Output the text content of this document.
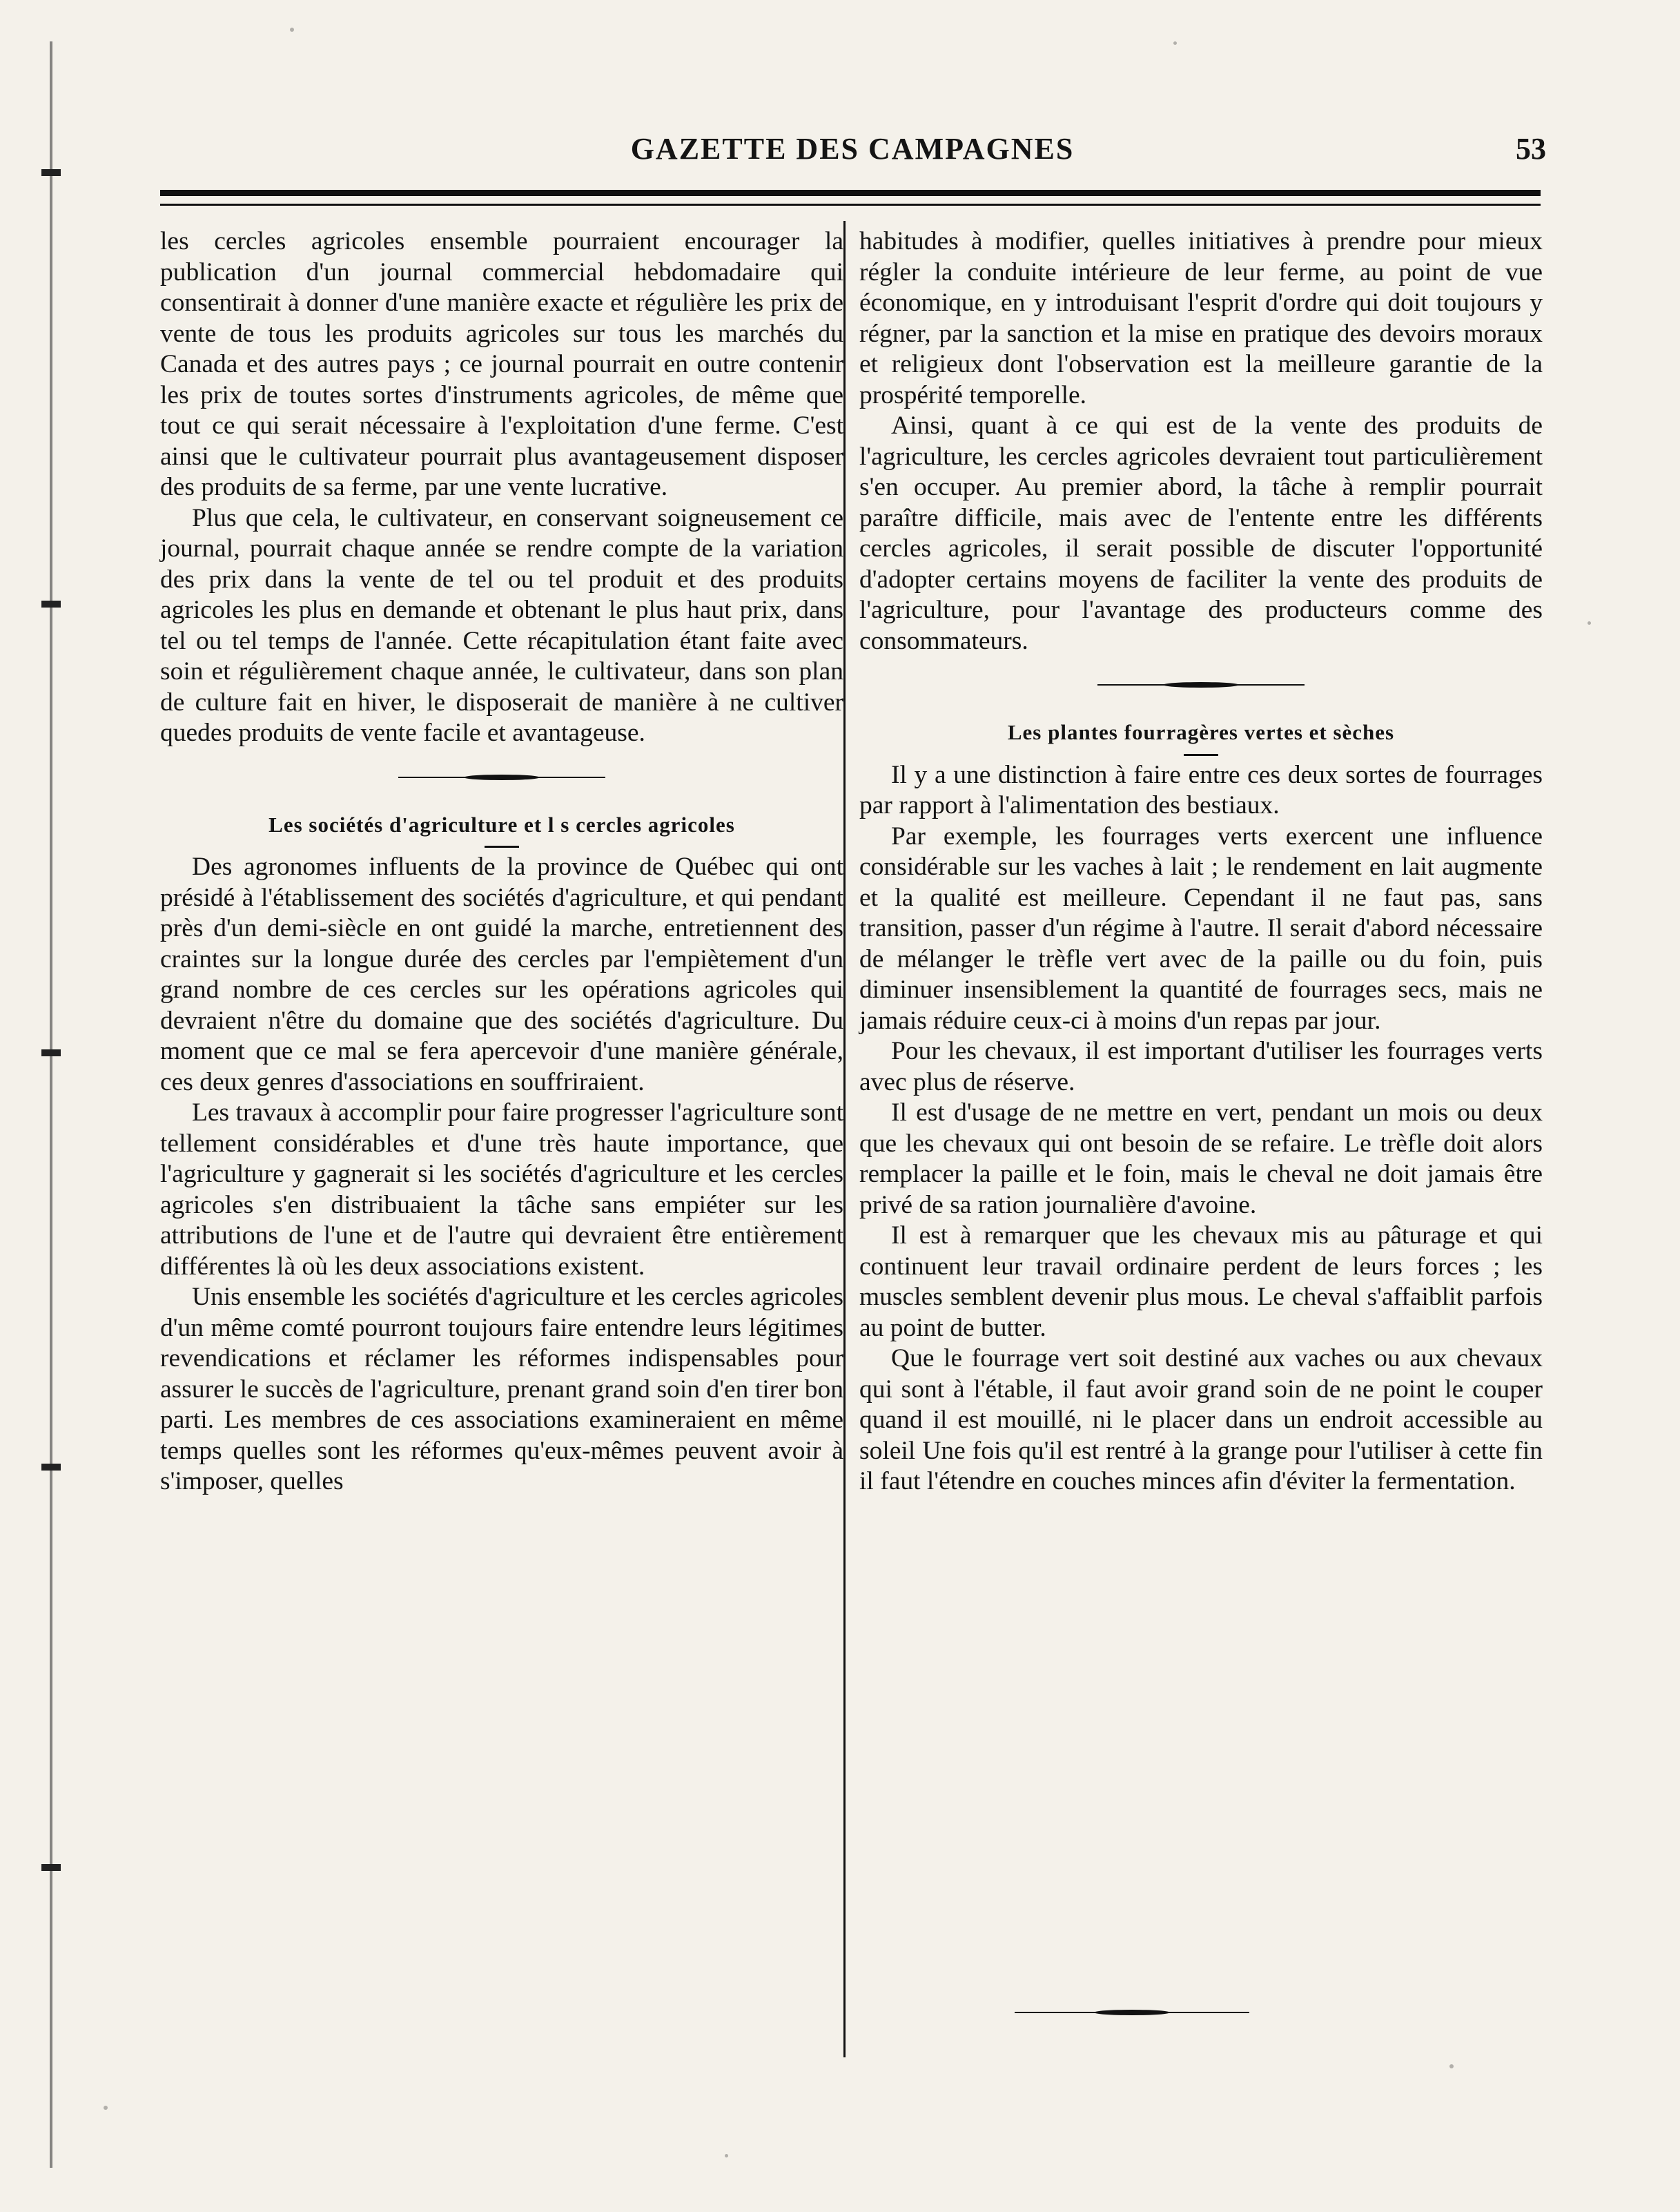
GAZETTE DES CAMPAGNES	53

les cercles agricoles ensemble pourraient encourager la publication d'un journal commercial hebdomadaire qui consentirait à donner d'une manière exacte et régulière les prix de vente de tous les produits agricoles sur tous les marchés du Canada et des autres pays ; ce journal pourrait en outre contenir les prix de toutes sortes d'instruments agricoles, de même que tout ce qui serait nécessaire à l'exploitation d'une ferme. C'est ainsi que le cultivateur pourrait plus avantageusement disposer des produits de sa ferme, par une vente lucrative.

Plus que cela, le cultivateur, en conservant soigneusement ce journal, pourrait chaque année se rendre compte de la variation des prix dans la vente de tel ou tel produit et des produits agricoles les plus en demande et obtenant le plus haut prix, dans tel ou tel temps de l'année. Cette récapitulation étant faite avec soin et régulièrement chaque année, le cultivateur, dans son plan de culture fait en hiver, le disposerait de manière à ne cultiver quedes produits de vente facile et avantageuse.

Les sociétés d'agriculture et l s cercles agricoles

Des agronomes influents de la province de Québec qui ont présidé à l'établissement des sociétés d'agriculture, et qui pendant près d'un demi-siècle en ont guidé la marche, entretiennent des craintes sur la longue durée des cercles par l'empiètement d'un grand nombre de ces cercles sur les opérations agricoles qui devraient n'être du domaine que des sociétés d'agriculture. Du moment que ce mal se fera apercevoir d'une manière générale, ces deux genres d'associations en souffriraient.

Les travaux à accomplir pour faire progresser l'agriculture sont tellement considérables et d'une très haute importance, que l'agriculture y gagnerait si les sociétés d'agriculture et les cercles agricoles s'en distribuaient la tâche sans empiéter sur les attributions de l'une et de l'autre qui devraient être entièrement différentes là où les deux associations existent.

Unis ensemble les sociétés d'agriculture et les cercles agricoles d'un même comté pourront toujours faire entendre leurs légitimes revendications et réclamer les réformes indispensables pour assurer le succès de l'agriculture, prenant grand soin d'en tirer bon parti. Les membres de ces associations examineraient en même temps quelles sont les réformes qu'eux-mêmes peuvent avoir à s'imposer, quelles

habitudes à modifier, quelles initiatives à prendre pour mieux régler la conduite intérieure de leur ferme, au point de vue économique, en y introduisant l'esprit d'ordre qui doit toujours y régner, par la sanction et la mise en pratique des devoirs moraux et religieux dont l'observation est la meilleure garantie de la prospérité temporelle.

Ainsi, quant à ce qui est de la vente des produits de l'agriculture, les cercles agricoles devraient tout particulièrement s'en occuper. Au premier abord, la tâche à remplir pourrait paraître difficile, mais avec de l'entente entre les différents cercles agricoles, il serait possible de discuter l'opportunité d'adopter certains moyens de faciliter la vente des produits de l'agriculture, pour l'avantage des producteurs comme des consommateurs.

Les plantes fourragères vertes et sèches

Il y a une distinction à faire entre ces deux sortes de fourrages par rapport à l'alimentation des bestiaux.

Par exemple, les fourrages verts exercent une influence considérable sur les vaches à lait ; le rendement en lait augmente et la qualité est meilleure. Cependant il ne faut pas, sans transition, passer d'un régime à l'autre. Il serait d'abord nécessaire de mélanger le trèfle vert avec de la paille ou du foin, puis diminuer insensiblement la quantité de fourrages secs, mais ne jamais réduire ceux-ci à moins d'un repas par jour.

Pour les chevaux, il est important d'utiliser les fourrages verts avec plus de réserve.

Il est d'usage de ne mettre en vert, pendant un mois ou deux que les chevaux qui ont besoin de se refaire. Le trèfle doit alors remplacer la paille et le foin, mais le cheval ne doit jamais être privé de sa ration journalière d'avoine.

Il est à remarquer que les chevaux mis au pâturage et qui continuent leur travail ordinaire perdent de leurs forces ; les muscles semblent devenir plus mous. Le cheval s'affaiblit parfois au point de butter.

Que le fourrage vert soit destiné aux vaches ou aux chevaux qui sont à l'étable, il faut avoir grand soin de ne point le couper quand il est mouillé, ni le placer dans un endroit accessible au soleil Une fois qu'il est rentré à la grange pour l'utiliser à cette fin il faut l'étendre en couches minces afin d'éviter la fermentation.
